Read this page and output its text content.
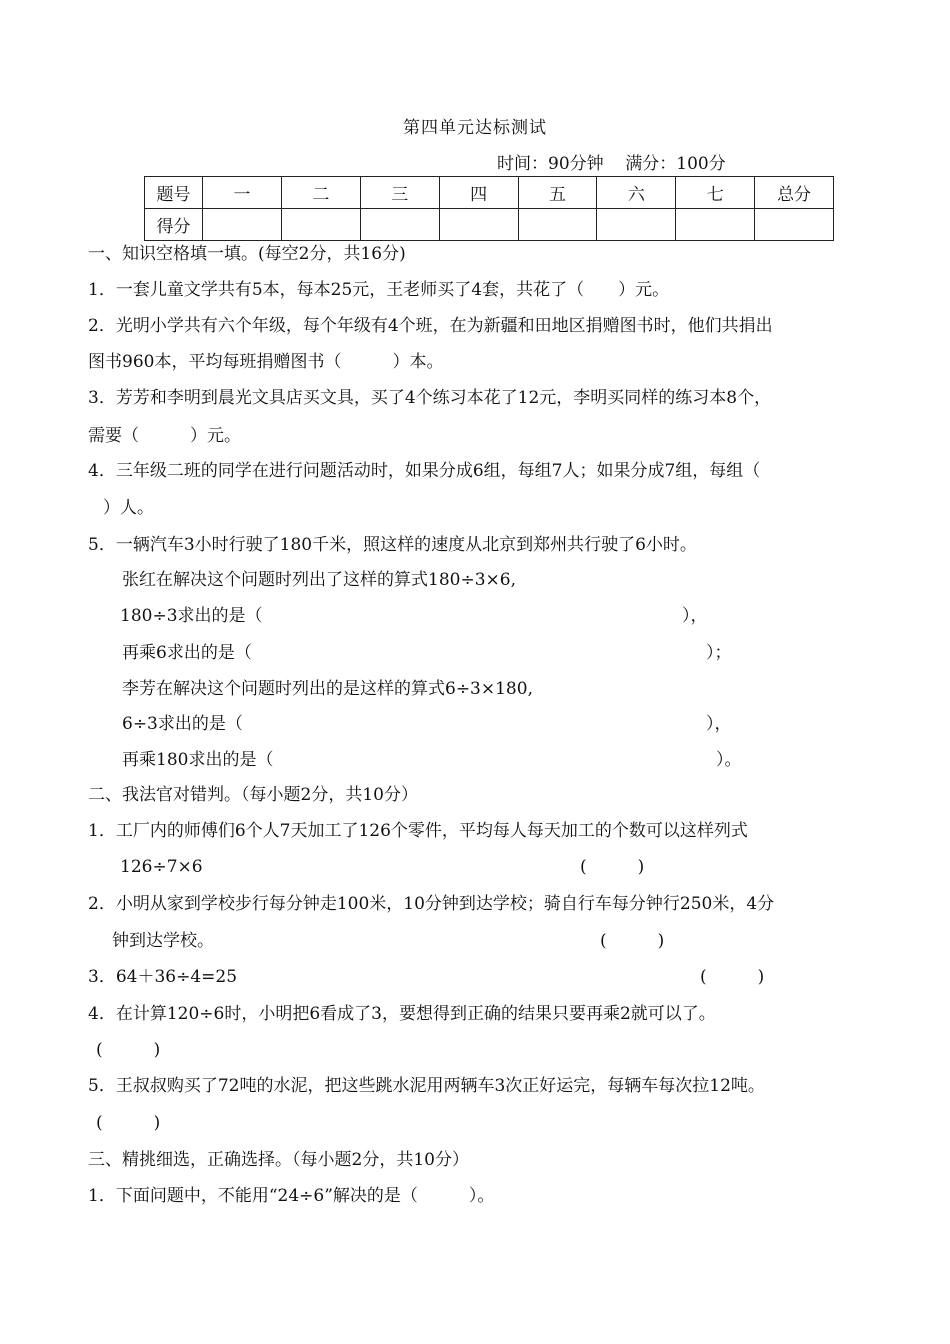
第四单元达标测试
时间：90分钟 满分：100分
题号	一	二	三	四	五	六	七	总分
得分								
一、知识空格填一填。(每空2分，共16分)
1．一套儿童文学共有5本，每本25元，王老师买了4套，共花了（　　）元。
2．光明小学共有六个年级，每个年级有4个班，在为新疆和田地区捐赠图书时，他们共捐出
图书960本，平均每班捐赠图书（　　　）本。
3．芳芳和李明到晨光文具店买文具，买了4个练习本花了12元，李明买同样的练习本8个，
需要（　　　）元。
4．三年级二班的同学在进行问题活动时，如果分成6组，每组7人；如果分成7组，每组（
）人。
5．一辆汽车3小时行驶了180千米，照这样的速度从北京到郑州共行驶了6小时。
张红在解决这个问题时列出了这样的算式180÷3×6,
180÷3求出的是（	），
再乘6求出的是（	）；
李芳在解决这个问题时列出的是这样的算式6÷3×180,
6÷3求出的是（	），
再乘180求出的是（	）。
二、我法官对错判。（每小题2分，共10分）
1．工厂内的师傅们6个人7天加工了126个零件，平均每人每天加工的个数可以这样列式
126÷7×6	(　　　)
2．小明从家到学校步行每分钟走100米，10分钟到达学校；骑自行车每分钟行250米，4分
钟到达学校。	(　　　)
3．64＋36÷4=25	(　　　)
4．在计算120÷6时，小明把6看成了3，要想得到正确的结果只要再乘2就可以了。
(　　　)
5．王叔叔购买了72吨的水泥，把这些跳水泥用两辆车3次正好运完，每辆车每次拉12吨。
(　　　)
三、精挑细选，正确选择。（每小题2分，共10分）
1．下面问题中，不能用“24÷6”解决的是（　　　）。
